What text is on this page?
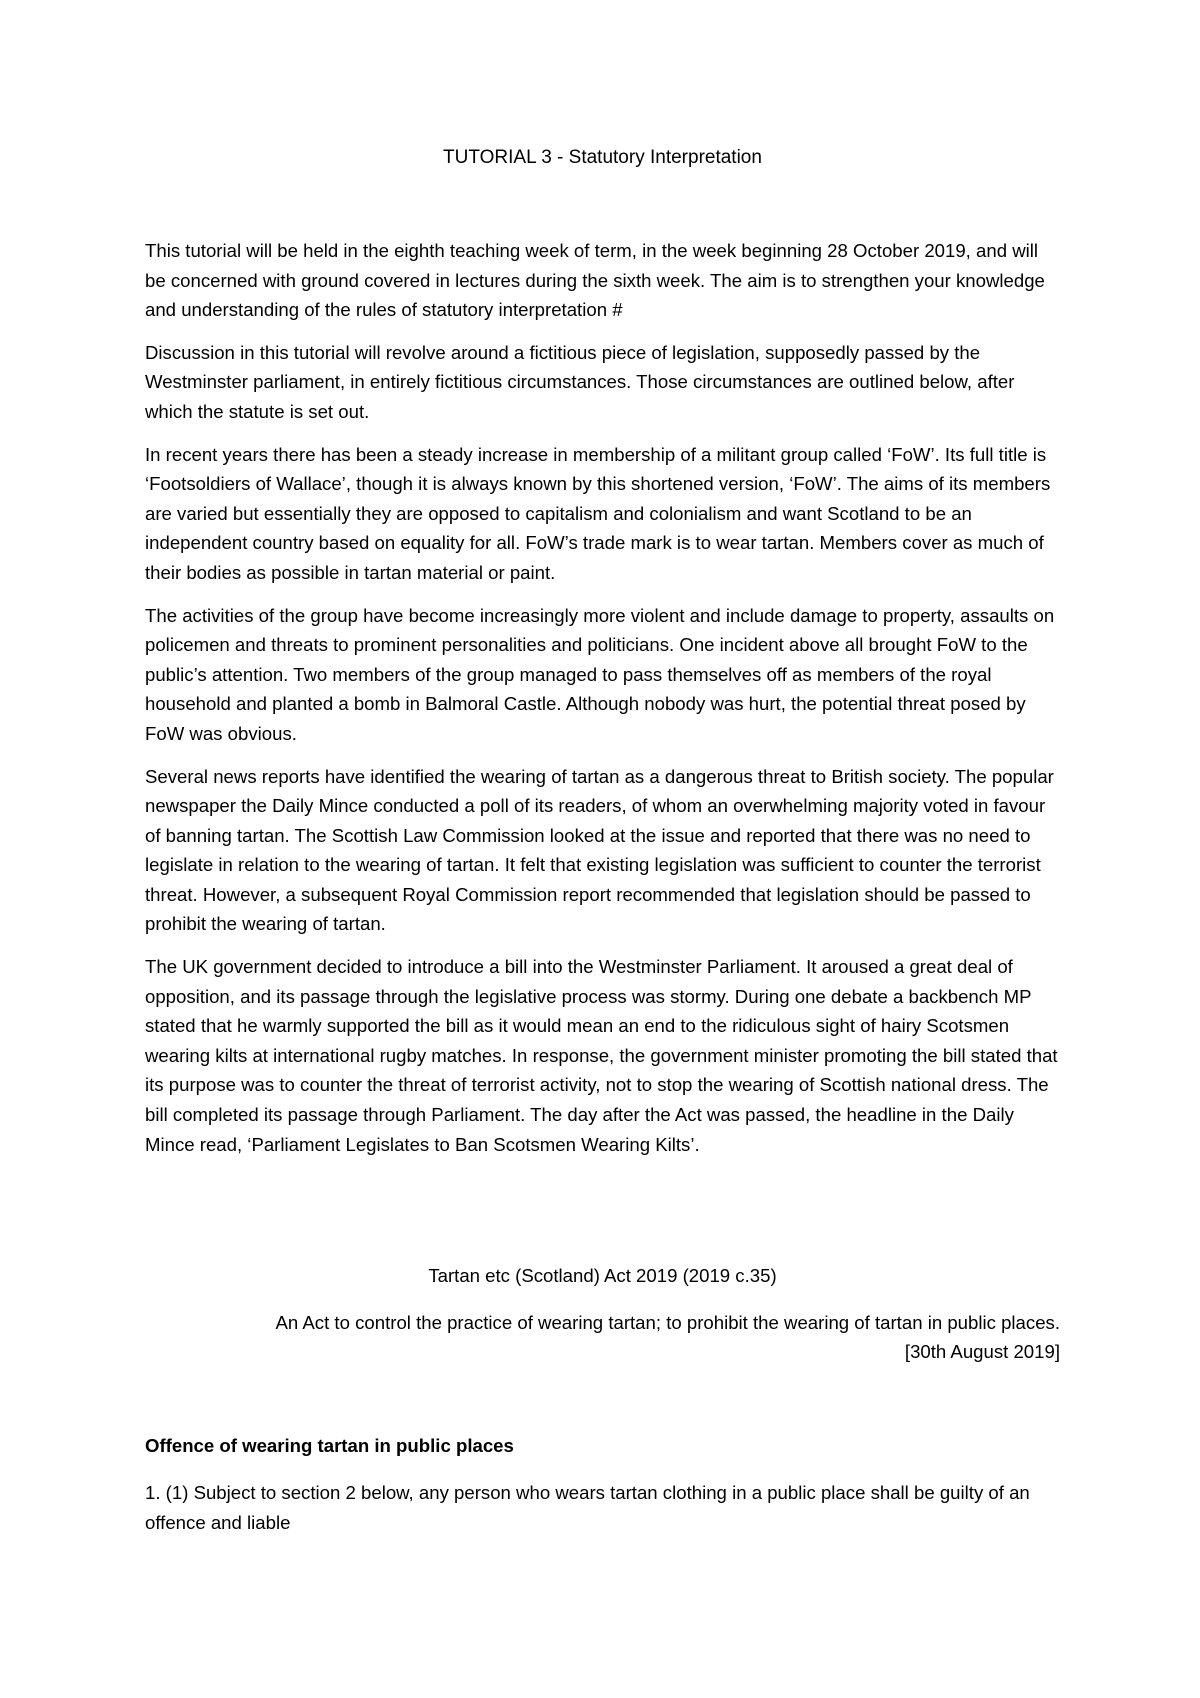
TUTORIAL 3 - Statutory Interpretation

This tutorial will be held in the eighth teaching week of term, in the week beginning 28 October 2019, and will be concerned with ground covered in lectures during the sixth week. The aim is to strengthen your knowledge and understanding of the rules of statutory interpretation #

Discussion in this tutorial will revolve around a fictitious piece of legislation, supposedly passed by the Westminster parliament, in entirely fictitious circumstances. Those circumstances are outlined below, after which the statute is set out.

In recent years there has been a steady increase in membership of a militant group called ‘FoW’. Its full title is ‘Footsoldiers of Wallace’, though it is always known by this shortened version, ‘FoW’. The aims of its members are varied but essentially they are opposed to capitalism and colonialism and want Scotland to be an independent country based on equality for all. FoW’s trade mark is to wear tartan. Members cover as much of their bodies as possible in tartan material or paint.

The activities of the group have become increasingly more violent and include damage to property, assaults on policemen and threats to prominent personalities and politicians. One incident above all brought FoW to the public’s attention. Two members of the group managed to pass themselves off as members of the royal household and planted a bomb in Balmoral Castle. Although nobody was hurt, the potential threat posed by FoW was obvious.

Several news reports have identified the wearing of tartan as a dangerous threat to British society. The popular newspaper the Daily Mince conducted a poll of its readers, of whom an overwhelming majority voted in favour of banning tartan. The Scottish Law Commission looked at the issue and reported that there was no need to legislate in relation to the wearing of tartan. It felt that existing legislation was sufficient to counter the terrorist threat. However, a subsequent Royal Commission report recommended that legislation should be passed to prohibit the wearing of tartan.

The UK government decided to introduce a bill into the Westminster Parliament. It aroused a great deal of opposition, and its passage through the legislative process was stormy. During one debate a backbench MP stated that he warmly supported the bill as it would mean an end to the ridiculous sight of hairy Scotsmen wearing kilts at international rugby matches. In response, the government minister promoting the bill stated that its purpose was to counter the threat of terrorist activity, not to stop the wearing of Scottish national dress. The bill completed its passage through Parliament. The day after the Act was passed, the headline in the Daily Mince read, ‘Parliament Legislates to Ban Scotsmen Wearing Kilts’.

Tartan etc (Scotland) Act 2019 (2019 c.35)
An Act to control the practice of wearing tartan; to prohibit the wearing of tartan in public places.
[30th August 2019]
Offence of wearing tartan in public places
1. (1) Subject to section 2 below, any person who wears tartan clothing in a public place shall be guilty of an offence and liable
